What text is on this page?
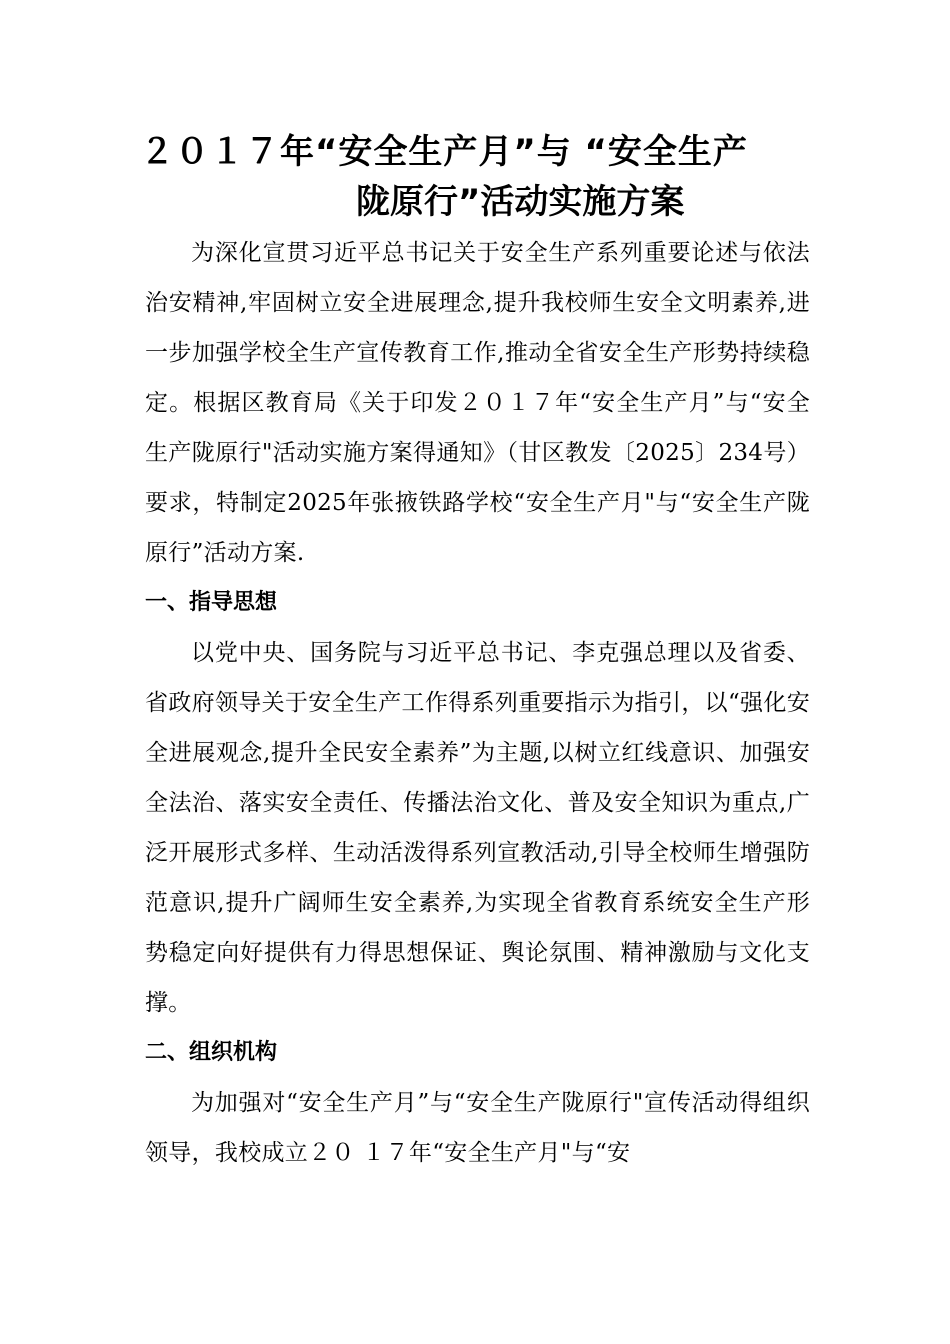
２０１７年“安全生产月”与 “安全生产
陇原行”活动实施方案

为深化宣贯习近平总书记关于安全生产系列重要论述与依法治安精神,牢固树立安全进展理念,提升我校师生安全文明素养,进一步加强学校全生产宣传教育工作,推动全省安全生产形势持续稳定。根据区教育局《关于印发２０１７年“安全生产月”与“安全生产陇原行"活动实施方案得通知》（甘区教发〔2025〕234号）要求，特制定2025年张掖铁路学校“安全生产月"与“安全生产陇原行”活动方案.

一、指导思想

以党中央、国务院与习近平总书记、李克强总理以及省委、省政府领导关于安全生产工作得系列重要指示为指引，以“强化安全进展观念,提升全民安全素养”为主题,以树立红线意识、加强安全法治、落实安全责任、传播法治文化、普及安全知识为重点,广泛开展形式多样、生动活泼得系列宣教活动,引导全校师生增强防范意识,提升广阔师生安全素养,为实现全省教育系统安全生产形势稳定向好提供有力得思想保证、舆论氛围、精神激励与文化支撑。

二、组织机构

为加强对“安全生产月”与“安全生产陇原行"宣传活动得组织领导，我校成立２０ １７年“安全生产月"与“安
